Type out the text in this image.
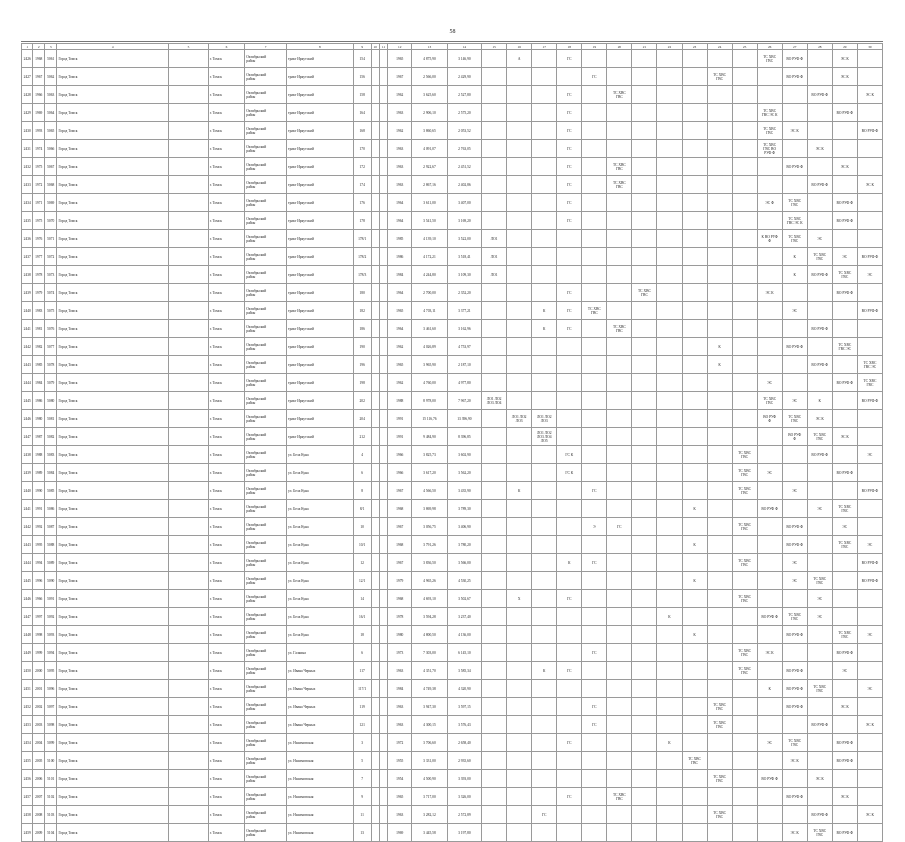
58
1	2	3	4	5	6	7	8	9	10	11	12	13	14	15	16	17	18	19	20	21	22	23	24	25	26	27	28	29	30
2426	1968	5061	Город Томск		г. Томск	Октябрьский
район	тракт Иркутский	154			1965	4 875,90	3 146,90		А		ГС								ТС ХВС
ГВС	ВО РУФ Ф		ЭС К	
2427	1967	5062	Город Томск		г. Томск	Октябрьский
район	тракт Иркутский	156			1967	2 566,00	2 429,90					ГС					ТС ХВС
ГВС			ВО РУФ Ф		ЭС К	
2428	1966	5063	Город Томск		г. Томск	Октябрьский
район	тракт Иркутский	158			1962	3 625,60	2 527,80				ГС		ТС ХВС
ГВС								ВО РУФ Ф		ЭС К
2429	1969	5064	Город Томск		г. Томск	Октябрьский
район	тракт Иркутский	164			1963	2 906,10	2 575,20				ГС								ТС ХВС
ГВС ЭС К			ВО РУФ Ф	
2430	1993	5065	Город Томск		г. Томск	Октябрьский
район	тракт Иркутский	168			1962	3 860,65	2 053,52				ГС								ТС ХВС
ГВС	ЭС К			ВО РУФ Ф
2431	1974	5066	Город Томск		г. Томск	Октябрьский
район	тракт Иркутский	170			1963	4 091,07	2 763,05				ГС								ТС ХВС
ГВС ВО
РУФ Ф		ЭС К		
2432	1975	5067	Город Томск		г. Томск	Октябрьский
район	тракт Иркутский	172			1963	2 922,67	2 451,52				ГС		ТС ХВС
ГВС							ВО РУФ Ф		ЭС К	
2433	1972	5068	Город Томск		г. Томск	Октябрьский
район	тракт Иркутский	174			1963	2 867,16	2 402,86				ГС		ТС ХВС
ГВС								ВО РУФ Ф		ЭС К
2434	1971	5069	Город Томск		г. Томск	Октябрьский
район	тракт Иркутский	176			1964	3 611,00	3 407,00				ГС								ЭС Ф	ТС ХВС
ГВС		ВО РУФ Ф	
2435	1975	5070	Город Томск		г. Томск	Октябрьский
район	тракт Иркутский	178			1964	3 541,50	3 169,20				ГС									ТС ХВС
ГВС ЭС К		ВО РУФ Ф	
2436	1976	5071	Город Томск		г. Томск	Октябрьский
район	тракт Иркутский	178/1			1985	4 139,10	3 522,00	ЛО1											К ВО РУФ
Ф	ТС ХВС
ГВС	ЭС		
2437	1977	5072	Город Томск		г. Томск	Октябрьский
район	тракт Иркутский	178/2			1986	4 172,21	3 518,41	ЛО1												К	ТС ХВС
ГВС	ЭС	ВО РУФ Ф
2438	1978	5073	Город Томск		г. Томск	Октябрьский
район	тракт Иркутский	178/3			1984	4 244,80	3 109,30	ЛО1												К	ВО РУФ Ф	ТС ХВС
ГВС	ЭС
2439	1979	5074	Город Томск		г. Томск	Октябрьский
район	тракт Иркутский	180			1964	2 700,00	2 352,20				ГС			ТС ХВС
ГВС					ЭС К			ВО РУФ Ф	
2440	1983	5075	Город Томск		г. Томск	Октябрьский
район	тракт Иркутский	182			1965	4 703,11	3 377,21			К	ГС	ТС ХВС
ГВС								ЭС			ВО РУФ Ф
2441	1981	5076	Город Томск		г. Томск	Октябрьский
район	тракт Иркутский	186			1964	3 461,60	3 162,96			К	ГС		ТС ХВС
ГВС								ВО РУФ Ф		
2442	1982	5077	Город Томск		г. Томск	Октябрьский
район	тракт Иркутский	190			1962	4 026,89	4 753,97										К			ВО РУФ Ф		ТС ХВС
ГВС ЭС	
2443	1985	5078	Город Томск		г. Томск	Октябрьский
район	тракт Иркутский	196			1965	3 965,90	2 187,10										К				ВО РУФ Ф		ТС ХВС
ГВС ЭС
2444	1984	5079	Город Томск		г. Томск	Октябрьский
район	тракт Иркутский	198			1962	4 760,00	4 977,80												ЭС			ВО РУФ Ф	ТС ХВС
ГВС
2445	1986	5080	Город Томск		г. Томск	Октябрьский
район	тракт Иркутский	202			1988	8 978,00	7 967,20	ЛО1 ЛО2
ЛО3 ЛО4											ТС ХВС
ГВС	ЭС	К		ВО РУФ Ф
2446	1980	5081	Город Томск		г. Томск	Октябрьский
район	тракт Иркутский	204			1991	15 116,76	13 396,90		ЛО1 ЛО2
ЛО3	ЛО1 ЛО2
ЛО3									ВО РУФ
Ф	ТС ХВС
ГВС	ЭС К		
2447	1987	5082	Город Томск		г. Томск	Октябрьский
район	тракт Иркутский	212			1991	9 484,90	8 396,85			ЛО1 ЛО2
ЛО3 ЛО4
ЛО5										ВО РУФ
Ф	ТС ХВС
ГВС	ЭС К	
2438	1988	5083	Город Томск		г. Томск	Октябрьский
район	ул. Бела Куна	4			1966	3 825,73	3 602,90				ГС К							ТС ХВС
ГВС			ВО РУФ Ф		ЭС
2439	1989	5084	Город Томск		г. Томск	Октябрьский
район	ул. Бела Куна	6			1966	3 617,20	3 562,20				ГС К							ТС ХВС
ГВС	ЭС			ВО РУФ Ф	
2440	1990	5085	Город Томск		г. Томск	Октябрьский
район	ул. Бела Куна	8			1967	4 566,50	3 435,90		К			ГС						ТС ХВС
ГВС		ЭС			ВО РУФ Ф
2441	1991	5086	Город Томск		г. Томск	Октябрьский
район	ул. Бела Куна	8/1			1968	3 869,98	3 789,30									К			ВО РУФ Ф		ЭС	ТС ХВС
ГВС	
2442	1992	5087	Город Томск		г. Томск	Октябрьский
район	ул. Бела Куна	10			1967	3 056,75	3 406,90					Э	ГС					ТС ХВС
ГВС		ВО РУФ Ф		ЭС	
2443	1995	5088	Город Томск		г. Томск	Октябрьский
район	ул. Бела Куна	10/1			1968	3 791,26	3 780,20									К				ВО РУФ Ф		ТС ХВС
ГВС	ЭС
2444	1994	5089	Город Томск		г. Томск	Октябрьский
район	ул. Бела Куна	12			1967	3 836,50	3 566,00				К	ГС						ТС ХВС
ГВС		ЭС			ВО РУФ Ф
2445	1996	5090	Город Томск		г. Томск	Октябрьский
район	ул. Бела Куна	12/1			1979	4 965,26	4 530,25									К				ЭС	ТС ХВС
ГВС		ВО РУФ Ф
2446	1966	5091	Город Томск		г. Томск	Октябрьский
район	ул. Бела Куна	14			1968	4 693,10	3 502,67		Х		ГС							ТС ХВС
ГВС			ЭС		
2447	1997	5092	Город Томск		г. Томск	Октябрьский
район	ул. Бела Куна	16/1			1978	3 594,28	3 237,40								К				ВО РУФ Ф	ТС ХВС
ГВС	ЭС		
2448	1998	5093	Город Томск		г. Томск	Октябрьский
район	ул. Бела Куна	18			1980	4 800,50	4 136,00									К				ВО РУФ Ф		ТС ХВС
ГВС	ЭС
2449	1999	5094	Город Томск		г. Томск	Октябрьский
район	ул. Галкина	6			1973	7 303,00	6 145,10					ГС						ТС ХВС
ГВС	ЭС К			ВО РУФ Ф	
2450	2000	5095	Город Томск		г. Томск	Октябрьский
район	ул. Ивана Черных	117			1963	4 351,70	3 585,34			К	ГС							ТС ХВС
ГВС		ВО РУФ Ф		ЭС	
2451	2001	5096	Город Томск		г. Томск	Октябрьский
район	ул. Ивана Черных	117/1			1984	4 749,38	4 320,90												К	ВО РУФ Ф	ТС ХВС
ГВС		ЭС
2452	2002	5097	Город Томск		г. Томск	Октябрьский
район	ул. Ивана Черных	119			1963	3 947,30	3 597,15					ГС					ТС ХВС
ГВС			ВО РУФ Ф		ЭС К	
2453	2003	5098	Город Томск		г. Томск	Октябрьский
район	ул. Ивана Черных	121			1963	4 300,15	3 576,43					ГС					ТС ХВС
ГВС				ВО РУФ Ф		ЭС К
2454	2004	5099	Город Томск		г. Томск	Октябрьский
район	ул. Нахимовская	3			1972	3 706,60	2 658,40				ГС				К				ЭС	ТС ХВС
ГВС		ВО РУФ Ф	
2455	2005	5100	Город Томск		г. Томск	Октябрьский
район	ул. Нахимовская	5			1955	3 331,00	2 935,60									ТС ХВС
ГВС				ЭС К		ВО РУФ Ф	
2456	2006	5101	Город Томск		г. Томск	Октябрьский
район	ул. Нахимовская	7			1954	4 500,90	3 393,00										ТС ХВС
ГВС		ВО РУФ Ф		ЭС К		
2457	2007	5102	Город Томск		г. Томск	Октябрьский
район	ул. Нахимовская	9			1965	3 717,00	3 326,00				ГС		ТС ХВС
ГВС							ВО РУФ Ф		ЭС К	
2458	2008	5103	Город Томск		г. Томск	Октябрьский
район	ул. Нахимовская	11			1963	3 282,12	2 572,89			ГС							ТС ХВС
ГВС				ВО РУФ Ф		ЭС К
2459	2009	5104	Город Томск		г. Томск	Октябрьский
район	ул. Нахимовская	13			1969	3 445,58	3 197,80													ЭС К	ТС ХВС
ГВС	ВО РУФ Ф	
